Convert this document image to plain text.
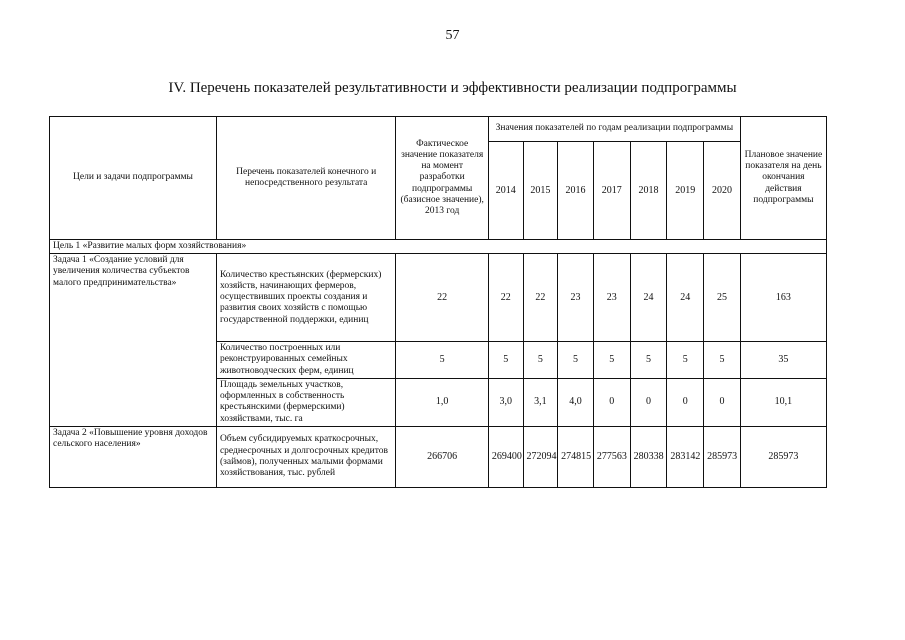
57
IV. Перечень показателей результативности и эффективности реализации подпрограммы
Цели и задачи подпрограммы	Перечень показателей конечного и непосредственного результата	Фактическое значение показателя на момент разработки подпрограммы (базисное значение), 2013 год	Значения показателей по годам реализации подпрограммы							Плановое значение показателя на день окончания действия подпрограммы
			2014	2015	2016	2017	2018	2019	2020	
Цель 1 «Развитие малых форм хозяйствования»										
Задача 1 «Создание условий для увеличения количества субъектов малого предпринимательства»	Количество крестьянских (фермерских) хозяйств, начинающих фермеров, осуществивших проекты создания и развития своих хозяйств с помощью государственной поддержки, единиц	22	22	22	23	23	24	24	25	163
	Количество построенных или реконструированных семейных животноводческих ферм, единиц	5	5	5	5	5	5	5	5	35
	Площадь земельных участков, оформленных в собственность крестьянскими (фермерскими) хозяйствами, тыс. га	1,0	3,0	3,1	4,0	0	0	0	0	10,1
Задача 2 «Повышение уровня доходов сельского населения»	Объем субсидируемых краткосрочных, среднесрочных и долгосрочных кредитов (займов), полученных малыми формами хозяйствования, тыс. рублей	266706	269400	272094	274815	277563	280338	283142	285973	285973
